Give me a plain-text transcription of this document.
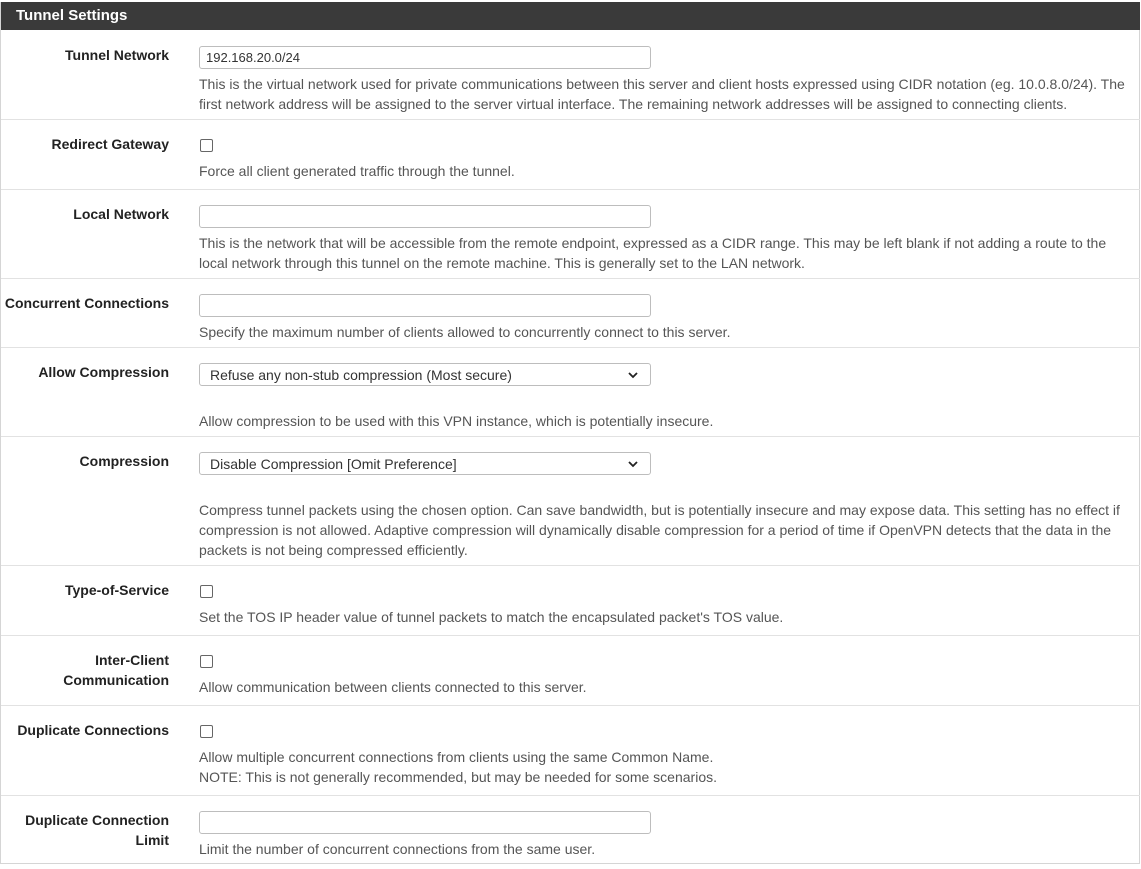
Tunnel Settings
Tunnel Network
192.168.20.0/24
This is the virtual network used for private communications between this server and client hosts expressed using CIDR notation (eg. 10.0.8.0/24). The first network address will be assigned to the server virtual interface. The remaining network addresses will be assigned to connecting clients.
Redirect Gateway
Force all client generated traffic through the tunnel.
Local Network
This is the network that will be accessible from the remote endpoint, expressed as a CIDR range. This may be left blank if not adding a route to the local network through this tunnel on the remote machine. This is generally set to the LAN network.
Concurrent Connections
Specify the maximum number of clients allowed to concurrently connect to this server.
Allow Compression	Refuse any non-stub compression (Most secure)
Allow compression to be used with this VPN instance, which is potentially insecure.
Compression	Disable Compression [Omit Preference]
Compress tunnel packets using the chosen option. Can save bandwidth, but is potentially insecure and may expose data. This setting has no effect if compression is not allowed. Adaptive compression will dynamically disable compression for a period of time if OpenVPN detects that the data in the packets is not being compressed efficiently.
Type-of-Service
Set the TOS IP header value of tunnel packets to match the encapsulated packet's TOS value.
Inter-Client
Communication Allow communication between clients connected to this server.
Duplicate Connections
Allow multiple concurrent connections from clients using the same Common Name.
NOTE: This is not generally recommended, but may be needed for some scenarios.
Duplicate Connection
Limit
Limit the number of concurrent connections from the same user.
